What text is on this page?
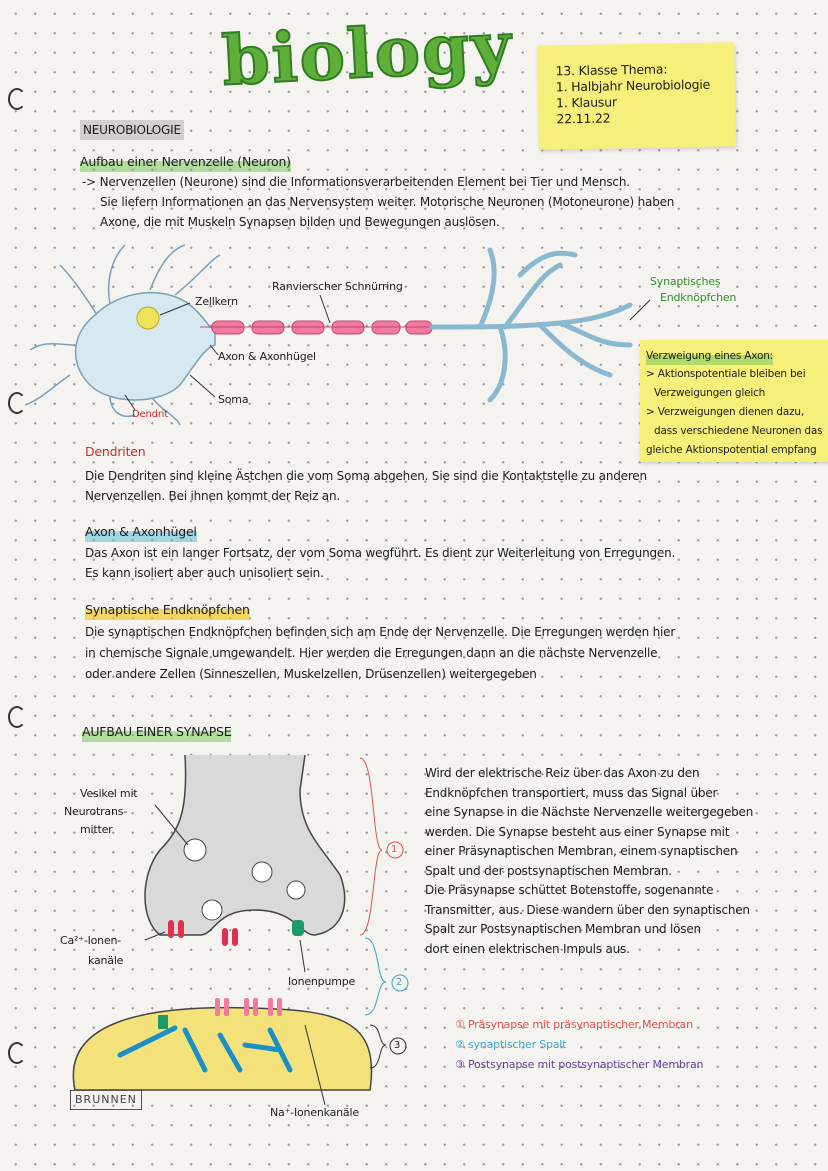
biology	13. Klasse Thema:
1. Halbjahr Neurobiologie
1. Klausur
22.11.22
NEUROBIOLOGIE
Aufbau einer Nervenzelle (Neuron)
-> Nervenzellen (Neurone) sind die Informationsverarbeitenden Element bei Tier und Mensch.
Sie liefern Informationen an das Nervensystem weiter. Motorische Neuronen (Motoneurone) haben
Axone, die mit Muskeln Synapsen bilden und Bewegungen auslösen.
Zellkern
Ranvierscher Schnürring	Synaptisches
Endknöpfchen
Axon & Axonhügel
Soma
Dendrit
Verzweigung eines Axon:
> Aktionspotentiale bleiben bei
Verzweigungen gleich
> Verzweigungen dienen dazu,
dass verschiedene Neuronen das
gleiche Aktionspotential empfang
Dendriten
Die Dendriten sind kleine Ästchen die vom Soma abgehen. Sie sind die Kontaktstelle zu anderen
Nervenzellen. Bei ihnen kommt der Reiz an.
Axon & Axonhügel
Das Axon ist ein langer Fortsatz, der vom Soma wegführt. Es dient zur Weiterleitung von Erregungen.
Es kann isoliert aber auch unisoliert sein.
Synaptische Endknöpfchen
Die synaptischen Endknöpfchen befinden sich am Ende der Nervenzelle. Die Erregungen werden hier
in chemische Signale umgewandelt. Hier werden die Erregungen dann an die nächste Nervenzelle
oder andere Zellen (Sinneszellen, Muskelzellen, Drüsenzellen) weitergegeben
AUFBAU EINER SYNAPSE
1
2
3
Vesikel mit
Neurotrans-
mitter
Ca²⁺-Ionen-
kanäle
Ionenpumpe
Na⁺-Ionenkanäle
Wird der elektrische Reiz über das Axon zu den
Endknöpfchen transportiert, muss das Signal über
eine Synapse in die Nächste Nervenzelle weitergegeben
werden. Die Synapse besteht aus einer Synapse mit
einer Präsynaptischen Membran, einem synaptischen
Spalt und der postsynaptischen Membran.
Die Präsynapse schüttet Botenstoffe, sogenannte
Transmitter, aus. Diese wandern über den synaptischen
Spalt zur Postsynaptischen Membran und lösen
dort einen elektrischen Impuls aus.
① Präsynapse mit präsynaptischer Membran
② synaptischer Spalt
③ Postsynapse mit postsynaptischer Membran
BRUNNEN
